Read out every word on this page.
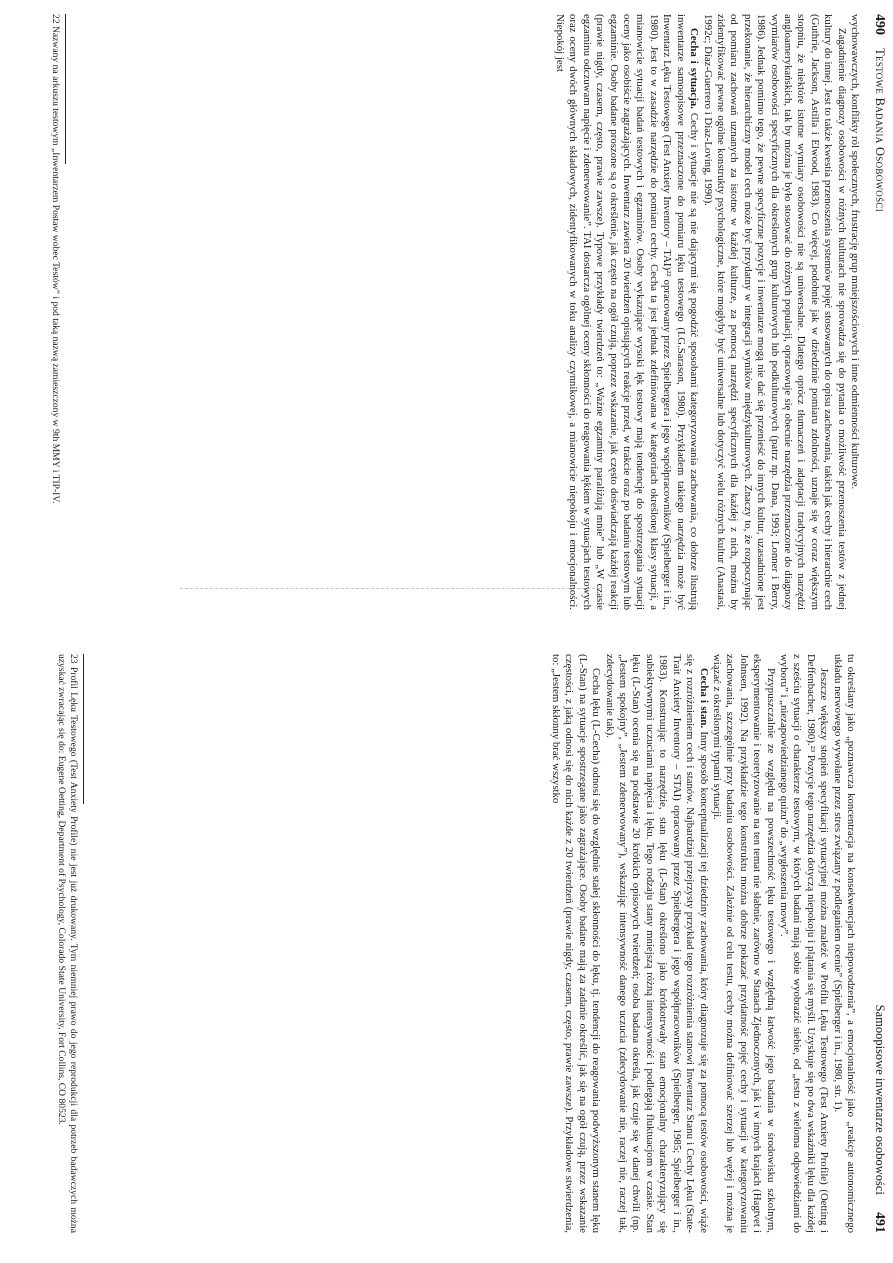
490 Testowe Badania Osobowości

wychowawczych, konflikty ról społecznych, frustrację grup mniejszościowych i inne odmienności kulturowe.

Zagadnienie diagnozy osobowości w różnych kulturach nie sprowadza się do pytania o możliwość przenoszenia testów z jednej kultury do innej. Jest to także kwestia przenoszenia systemów pojęć stosowanych do opisu zachowania, takich jak cechy i hierarchie cech (Guthrie, Jackson, Astilla i Elwood, 1983). Co więcej, podobnie jak w dziedzinie pomiaru zdolności, uznaje się w coraz większym stopniu, że niektóre istotne wymiary osobowości nie są uniwersalne. Dlatego oprócz tłumaczeń i adaptacji tradycyjnych narzędzi angloamerykańskich, tak by można je było stosować do różnych populacji, opracowuje się obecnie narzędzia przeznaczone do diagnozy wymiarów osobowości specyficznych dla określonych grup kulturowych lub podkulturowych (patrz np. Dana, 1993; Lonner i Berry, 1986). Jednak pomimo tego, że pewne specyficzne pozycje i inwentarze mogą nie dać się przenieść do innych kultur, uzasadnione jest przekonanie, że hierarchiczny model cech może być przydatny w integracji wyników międzykulturowych. Znaczy to, że rozpoczynając od pomiaru zachowań uznanych za istotne w każdej kulturze, za pomocą narzędzi specyficznych dla każdej z nich, można by zidentyfikować pewne ogólne konstrukty psychologiczne, które mogłyby być uniwersalne lub dotyczyć wielu różnych kultur (Anastasi, 1992c; Díaz-Guerrero i Díaz-Loving, 1990).

Cecha i sytuacja. Cechy i sytuacje nie są nie dającymi się pogodzić sposobami kategoryzowania zachowania, co dobrze ilustrują inwentarze samoopisowe przeznaczone do pomiaru lęku testowego (I.G.Sarason, 1980). Przykładem takiego narzędzia może być Inwentarz Lęku Testowego (Test Anxiety Inventory – TAI)²² opracowany przez Spielbergera i jego współpracowników (Spielberger i in., 1980). Jest to w zasadzie narzędzie do pomiaru cechy. Cecha ta jest jednak zdefiniowana w kategoriach określonej klasy sytuacji, a mianowicie sytuacji badań testowych i egzaminów. Osoby wykazujące wysoki lęk testowy mają tendencję do spostrzegania sytuacji oceny jako osobiście zagrażających. Inwentarz zawiera 20 twierdzeń opisujących reakcje przed, w trakcie oraz po badaniu testowym lub egzaminie. Osoby badane proszone są o określenie, jak często na ogół czują, poprzez wskazanie, jak często doświadczają każdej reakcji (prawie nigdy, czasem, często, prawie zawsze). Typowe przykłady twierdzeń to: „Ważne egzaminy paraliżują mnie” lub „W czasie egzaminu odczuwam napięcie i zdenerwowanie”. TAI dostarcza ogólnej oceny skłonności do reagowania lękiem w sytuacjach testowych oraz oceny dwóch głównych składowych, zidentyfikowanych w toku analizy czynnikowej, a mianowicie niepokoju i emocjonalności. Niepokój jest

22 Nazwany na arkuszu testowym „Inwentarzem Postaw wobec Testów” i pod taką nazwą zamieszczony w 9th MMY i TIP-IV.

Samoopisowe inwentarze osobowości 491

tu określany jako „poznawcza koncentracja na konsekwencjach niepowodzenia”, a emocjonalność jako „reakcje autonomicznego układu nerwowego wywołane przez stres związany z podleganiem ocenie” (Spielberger i in., 1980, str. 1).

Jeszcze większy stopień specyfikacji sytuacyjnej można znaleźć w Profilu Lęku Testowego (Test Anxiety Profile) (Oetting i Deffenbacher, 1980).²³ Pozycje tego narzędzia dotyczą niepokoju i plątania się myśli. Uzyskuje się po dwa wskaźniki lęku dla każdej z sześciu sytuacji o charakterze testowym, w których badani mają sobie wyobrazić siebie, od „testu z wieloma odpowiedziami do wyboru” i „niezapowiedzianego quizu” do „wygłoszenia mowy”.

Przypuszczalnie ze względu na powszechność lęku testowego i względną łatwość jego badania w środowisku szkolnym, eksperymentowanie i teoretyzowanie na ten temat nie słabnie, zarówno w Stanach Zjednoczonych, jak i w innych krajach (Hagtvet i Johnsen, 1992). Na przykładzie tego konstruktu można dobrze pokazać przydatność pojęć cechy i sytuacji w kategoryzowaniu zachowania, szczególnie przy badaniu osobowości. Zależnie od celu testu, cechy można definiować szerzej lub wężej i można je wiązać z określonymi typami sytuacji.

Cecha i stan. Inny sposób konceptualizacji tej dziedziny zachowania, który diagnozuje się za pomocą testów osobowości, wiąże się z rozróżnieniem cech i stanów. Najbardziej przejrzysty przykład tego rozróżnienia stanowi Inwentarz Stanu i Cechy Lęku (State-Trait Anxiety Inventory – STAI) opracowany przez Spielbergera i jego współpracowników (Spielberger, 1985; Spielberger i in., 1983). Konstruując to narzędzie, stan lęku (L-Stan) określono jako krótkotrwały stan emocjonalny charakteryzujący się subiektywnymi uczuciami napięcia i lęku. Tego rodzaju stany mniejszą różną intensywność i podlegają fluktuacjom w czasie. Stan lęku (L-Stan) ocenia się na podstawie 20 krótkich opisowych twierdzeń; osoba badana określa, jak czuje się w danej chwili (np. „Jestem spokojny”, „Jestem zdenerwowany”), wskazując intensywność danego uczucia (zdecydowanie nie, raczej nie, raczej tak, zdecydowanie tak).

Cecha lęku (L-Cecha) odnosi się do względnie stałej skłonności do lęku, tj. tendencji do reagowania podwyższonym stanem lęku (L-Stan) na sytuacje spostrzegane jako zagrażające. Osoby badane mają za zadanie określić, jak się na ogół czują, przez wskazanie częstości, z jaką odnosi się do nich każde z 20 twierdzeń (prawie nigdy, czasem, często, prawie zawsze). Przykładowe stwierdzenia, to: „Jestem skłonny brać wszystko

23 Profil Lęku Testowego (Test Anxiety Profile) nie jest już drukowany. Tym niemniej prawo do jego reprodukcji dla potrzeb badawczych można uzyskać zwracając się do: Eugene Oetting, Department of Psychology, Colorado State University, Fort Collins, CO 80523.
